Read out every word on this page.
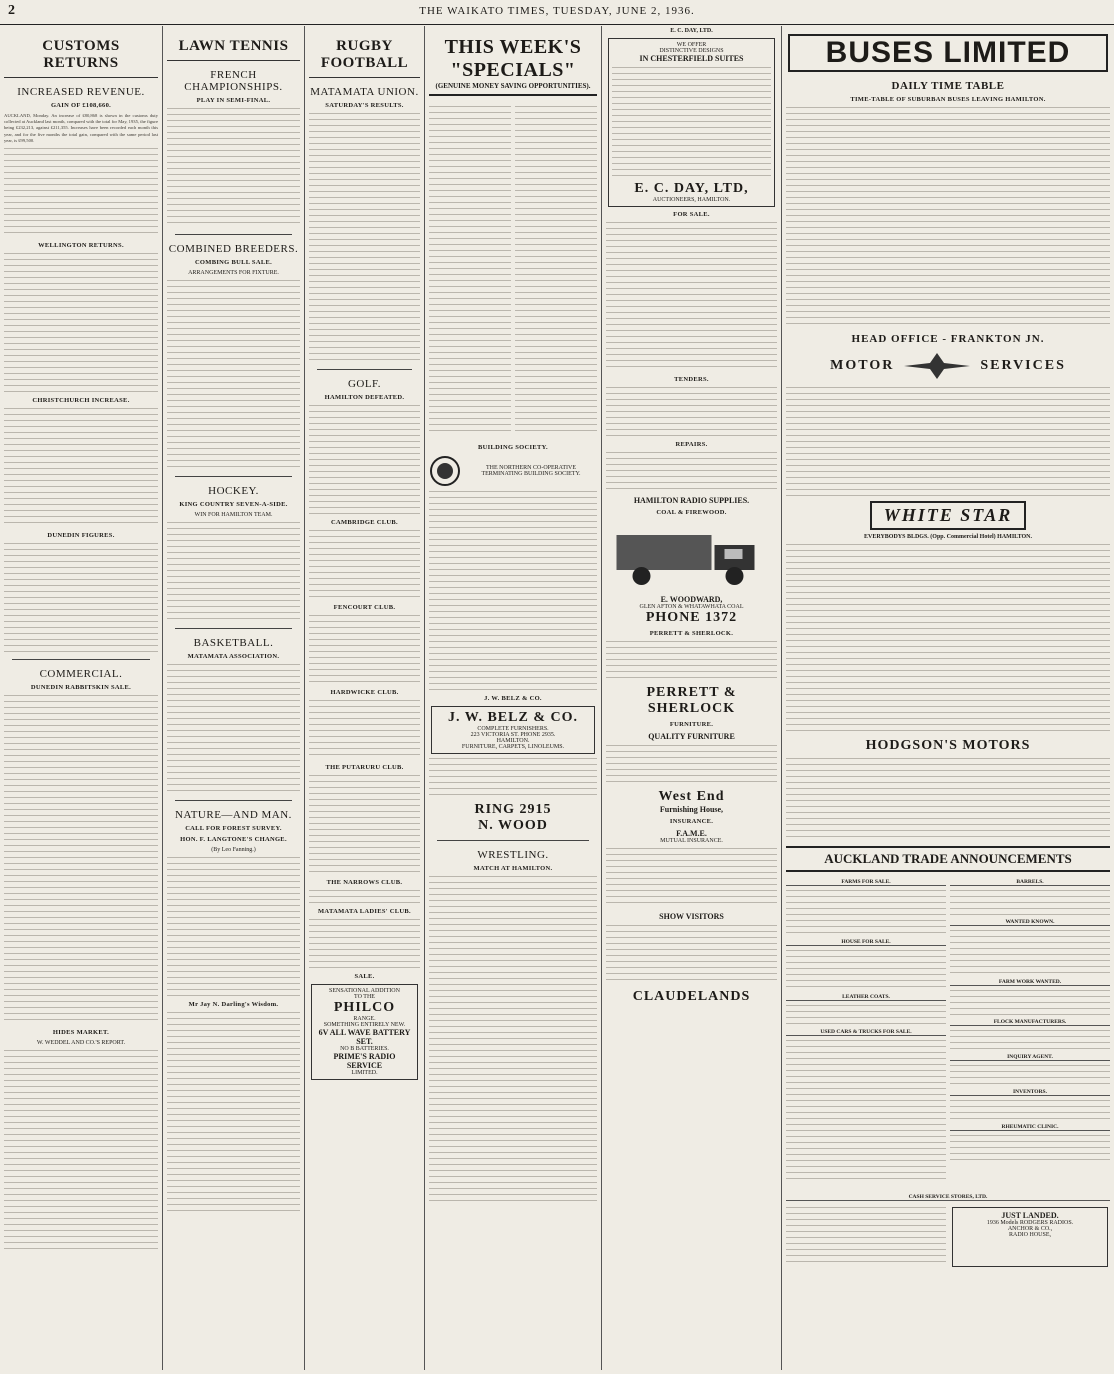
2	THE WAIKATO TIMES, TUESDAY, JUNE 2, 1936.
CUSTOMS RETURNS
INCREASED REVENUE.
GAIN OF £108,660.
AUCKLAND, Monday. An increase of £80,868 is shown in the customs duty collected at Auckland last month, compared with the total for May, 1935, the figure being £232,213, against £211,355. Increases have been recorded each month this year, and for the five months the total gain, compared with the same period last year, is £99,500.
WELLINGTON RETURNS.
CHRISTCHURCH INCREASE.
DUNEDIN FIGURES.
COMMERCIAL.
DUNEDIN RABBITSKIN SALE.
HIDES MARKET.
W. WEDDEL AND CO.'S REPORT.
LAWN TENNIS
FRENCH CHAMPIONSHIPS.
PLAY IN SEMI-FINAL.
COMBINED BREEDERS.
COMBING BULL SALE.
ARRANGEMENTS FOR FIXTURE.
HOCKEY.
KING COUNTRY SEVEN-A-SIDE.
WIN FOR HAMILTON TEAM.
BASKETBALL.
MATAMATA ASSOCIATION.
NATURE—AND MAN.
CALL FOR FOREST SURVEY.
HON. F. LANGTONE'S CHANGE.
(By Leo Fanning.)
Mr Jay N. Darling's Wisdom.
RUGBY FOOTBALL
MATAMATA UNION.
SATURDAY'S RESULTS.
GOLF.
HAMILTON DEFEATED.
CAMBRIDGE CLUB.
FENCOURT CLUB.
HARDWICKE CLUB.
THE PUTARURU CLUB.
THE NARROWS CLUB.
MATAMATA LADIES' CLUB.
SALE.
SENSATIONAL ADDITION
TO THE
PHILCO
RANGE.
SOMETHING ENTIRELY NEW.
6V ALL WAVE BATTERY SET.
NO B BATTERIES.
PRIME'S RADIO SERVICE
LIMITED.
THIS WEEK'S "SPECIALS"
(GENUINE MONEY SAVING OPPORTUNITIES).
BUILDING SOCIETY.
THE NORTHERN CO-OPERATIVE TERMINATING BUILDING SOCIETY.
J. W. BELZ & CO.
J. W. BELZ & CO.
COMPLETE FURNISHERS.
223 VICTORIA ST. PHONE 2935.
HAMILTON.
FURNITURE, CARPETS, LINOLEUMS.
RING 2915
N. WOOD
WRESTLING.
MATCH AT HAMILTON.
E. C. DAY, LTD.
WE OFFER
DISTINCTIVE DESIGNS
IN CHESTERFIELD SUITES
E. C. DAY, LTD,
AUCTIONEERS, HAMILTON.
FOR SALE.
TENDERS.
REPAIRS.
HAMILTON RADIO SUPPLIES.
COAL & FIREWOOD.
E. WOODWARD,
GLEN AFTON & WHATAWHATA COAL
PHONE 1372
PERRETT & SHERLOCK.
PERRETT & SHERLOCK
FURNITURE.
QUALITY FURNITURE
West End
Furnishing House,
INSURANCE.
F.A.M.E.
MUTUAL INSURANCE.
SHOW VISITORS
CLAUDELANDS
BUSES LIMITED
DAILY TIME TABLE
TIME-TABLE OF SUBURBAN BUSES LEAVING HAMILTON.
HEAD OFFICE - FRANKTON JN.
MOTOR	SERVICES
WHITE STAR
EVERYBODYS BLDGS. (Opp. Commercial Hotel) HAMILTON.
HODGSON'S MOTORS
AUCKLAND TRADE ANNOUNCEMENTS
FARMS FOR SALE.
HOUSE FOR SALE.
LEATHER COATS.
USED CARS & TRUCKS FOR SALE.
BARRELS.
WANTED KNOWN.
FARM WORK WANTED.
FLOCK MANUFACTURERS.
INQUIRY AGENT.
INVENTORS.
RHEUMATIC CLINIC.
CASH SERVICE STORES, LTD.
JUST LANDED.
1936 Models RODGERS RADIOS.
ANCHOR & CO.,
RADIO HOUSE,
